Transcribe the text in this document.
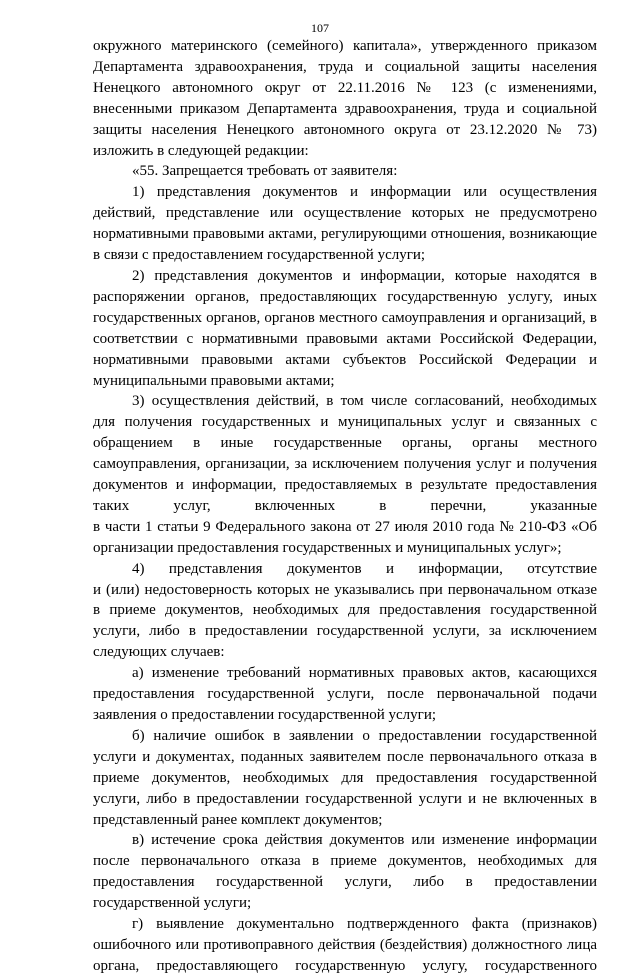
107

окружного материнского (семейного) капитала», утвержденного приказом Департамента здравоохранения, труда и социальной защиты населения Ненецкого автономного округ от 22.11.2016 № 123 (с изменениями, внесенными приказом Департамента здравоохранения, труда и социальной защиты населения Ненецкого автономного округа от 23.12.2020 № 73) изложить в следующей редакции:

«55. Запрещается требовать от заявителя:

1) представления документов и информации или осуществления действий, представление или осуществление которых не предусмотрено нормативными правовыми актами, регулирующими отношения, возникающие в связи с предоставлением государственной услуги;

2) представления документов и информации, которые находятся в распоряжении органов, предоставляющих государственную услугу, иных государственных органов, органов местного самоуправления и организаций, в соответствии с нормативными правовыми актами Российской Федерации, нормативными правовыми актами субъектов Российской Федерации и муниципальными правовыми актами;

3) осуществления действий, в том числе согласований, необходимых для получения государственных и муниципальных услуг и связанных с обращением в иные государственные органы, органы местного самоуправления, организации, за исключением получения услуг и получения документов и информации, предоставляемых в результате предоставления таких услуг, включенных в перечни, указанные

в части 1 статьи 9 Федерального закона от 27 июля 2010 года № 210-ФЗ «Об организации предоставления государственных и муниципальных услуг»;

4) представления документов и информации, отсутствие

и (или) недостоверность которых не указывались при первоначальном отказе в приеме документов, необходимых для предоставления государственной услуги, либо в предоставлении государственной услуги, за исключением следующих случаев:

а) изменение требований нормативных правовых актов, касающихся предоставления государственной услуги, после первоначальной подачи заявления о предоставлении государственной услуги;

б) наличие ошибок в заявлении о предоставлении государственной услуги и документах, поданных заявителем после первоначального отказа в приеме документов, необходимых для предоставления государственной услуги, либо в предоставлении государственной услуги и не включенных в представленный ранее комплект документов;

в) истечение срока действия документов или изменение информации после первоначального отказа в приеме документов, необходимых для предоставления государственной услуги, либо в предоставлении государственной услуги;

г) выявление документально подтвержденного факта (признаков) ошибочного или противоправного действия (бездействия) должностного лица органа, предоставляющего государственную услугу, государственного
